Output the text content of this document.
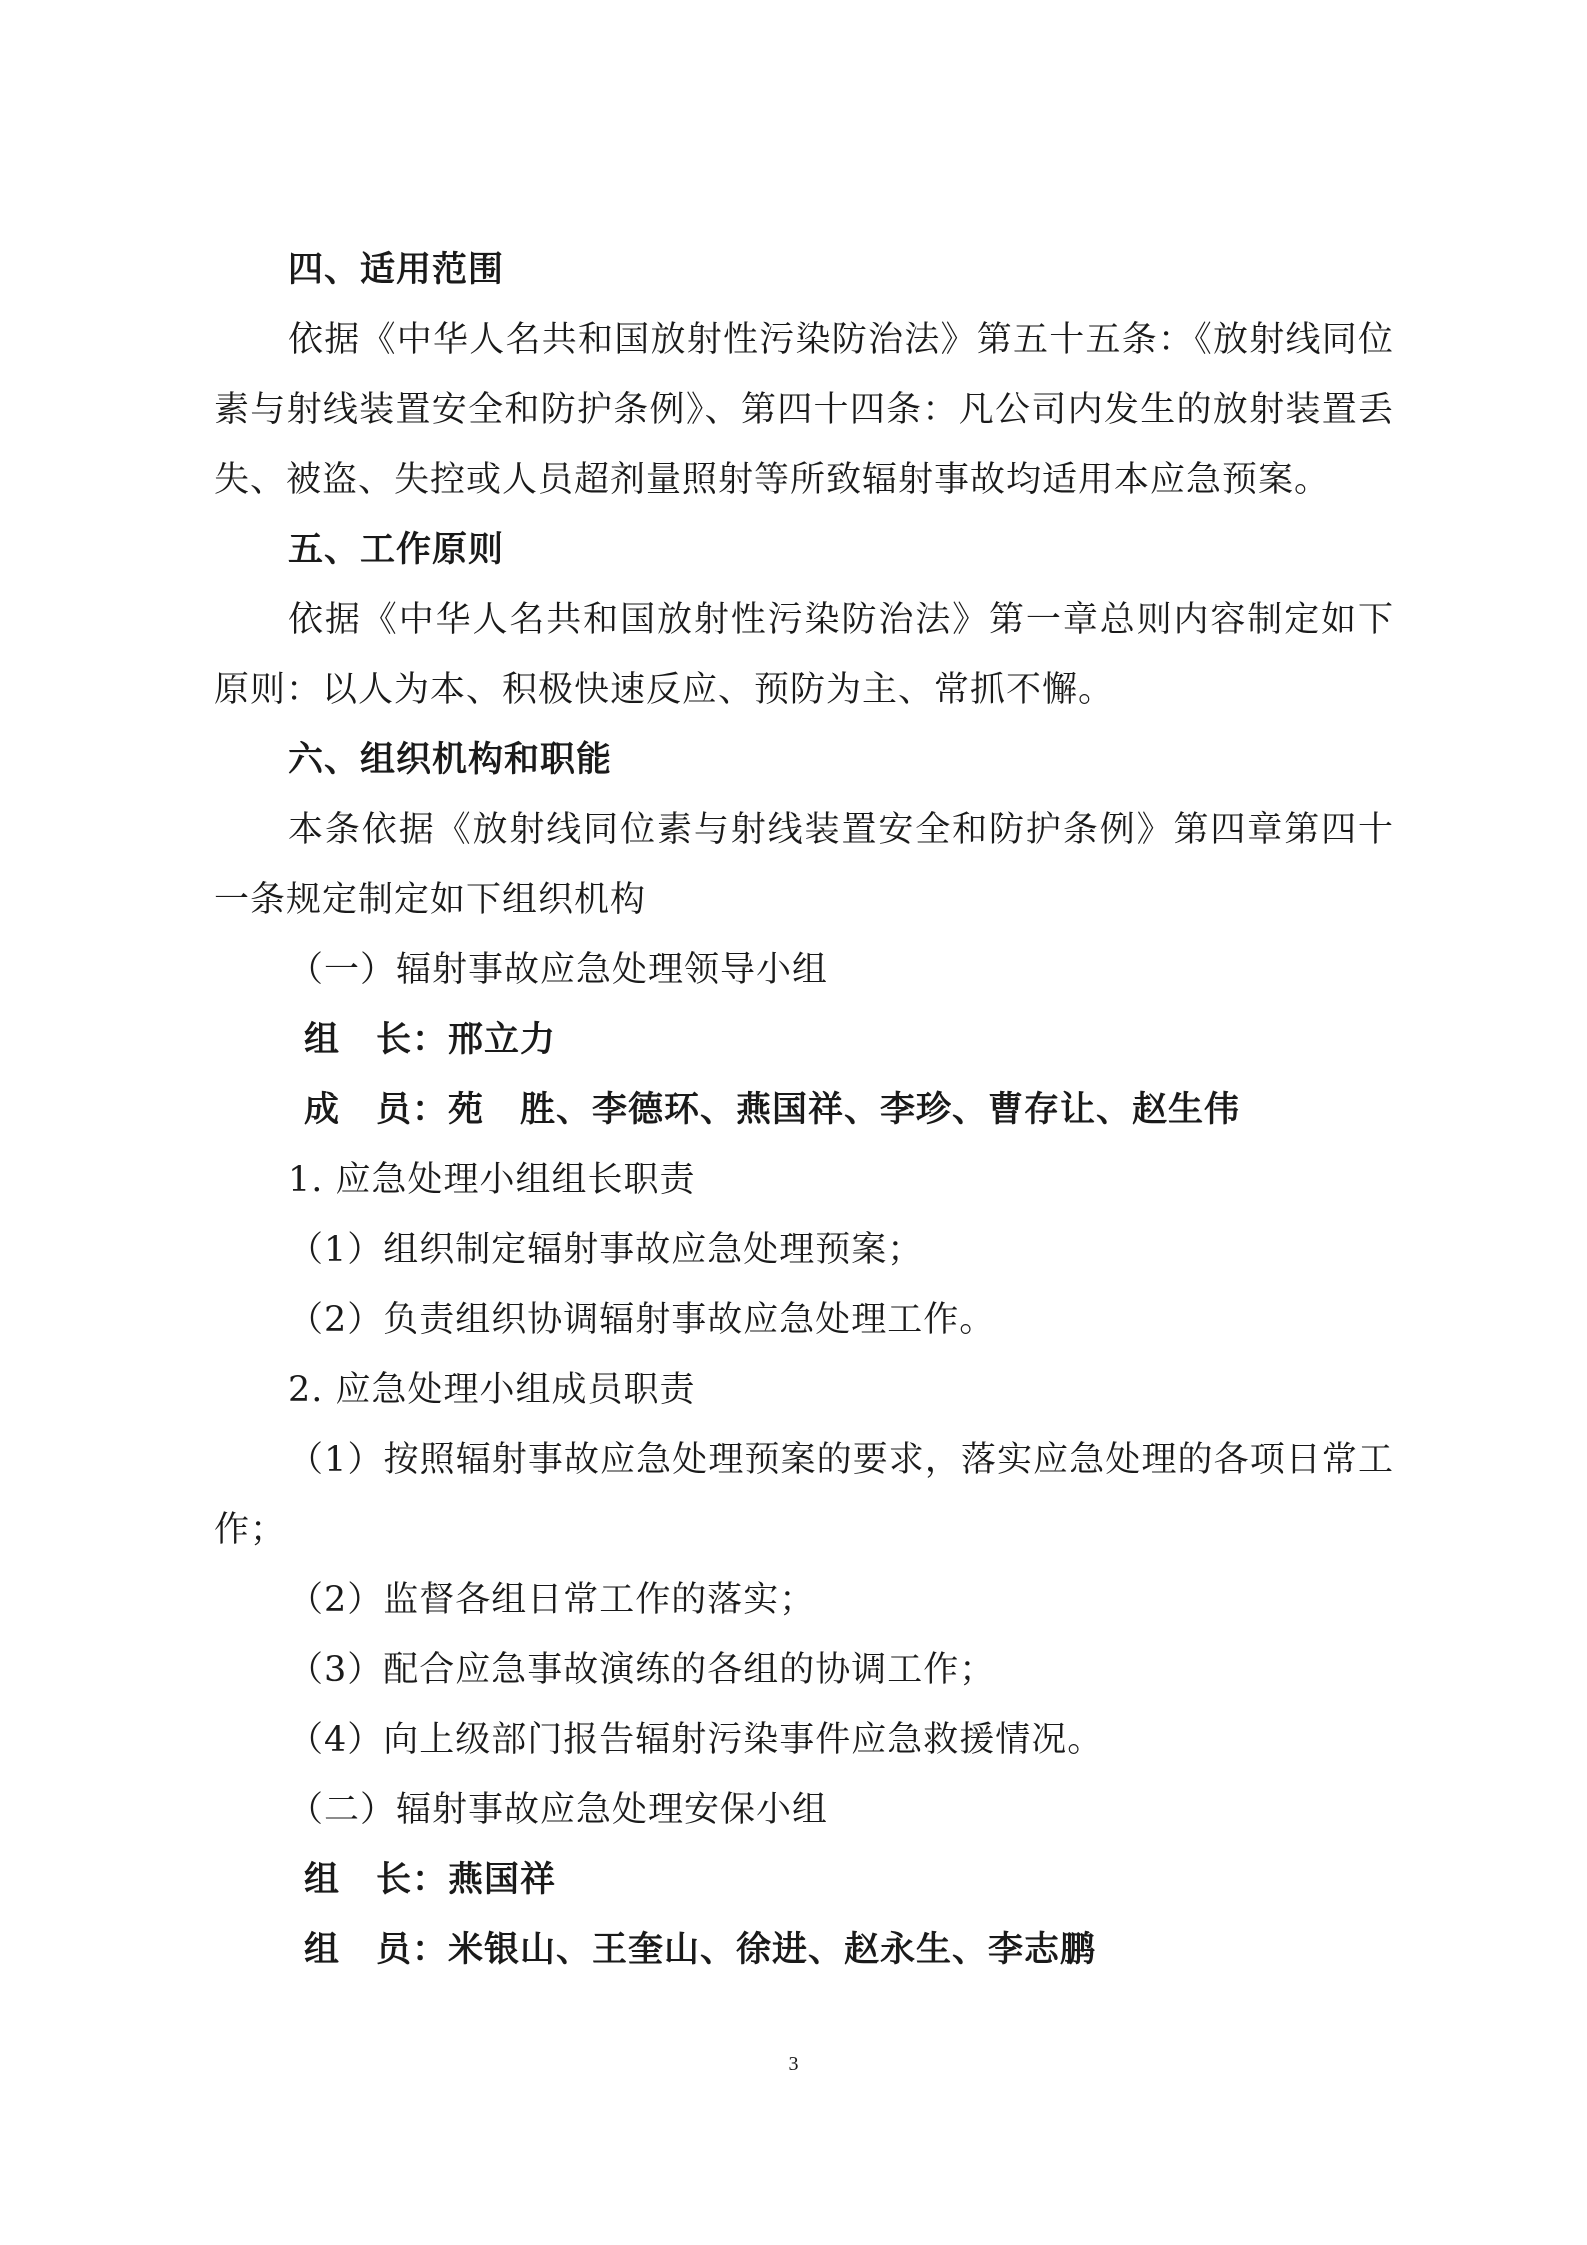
四、适用范围
依据《中华人名共和国放射性污染防治法》第五十五条：《放射线同位
素与射线装置安全和防护条例》、第四十四条：凡公司内发生的放射装置丢
失、被盗、失控或人员超剂量照射等所致辐射事故均适用本应急预案。
五、工作原则
依据《中华人名共和国放射性污染防治法》第一章总则内容制定如下
原则：以人为本、积极快速反应、预防为主、常抓不懈。
六、组织机构和职能
本条依据《放射线同位素与射线装置安全和防护条例》第四章第四十
一条规定制定如下组织机构
（一）辐射事故应急处理领导小组
组　长：邢立力
成　员：苑　胜、李德环、燕国祥、李珍、曹存让、赵生伟
1. 应急处理小组组长职责
（1）组织制定辐射事故应急处理预案；
（2）负责组织协调辐射事故应急处理工作。
2. 应急处理小组成员职责
（1）按照辐射事故应急处理预案的要求，落实应急处理的各项日常工
作；
（2）监督各组日常工作的落实；
（3）配合应急事故演练的各组的协调工作；
（4）向上级部门报告辐射污染事件应急救援情况。
（二）辐射事故应急处理安保小组
组　长：燕国祥
组　员：米银山、王奎山、徐进、赵永生、李志鹏
3
